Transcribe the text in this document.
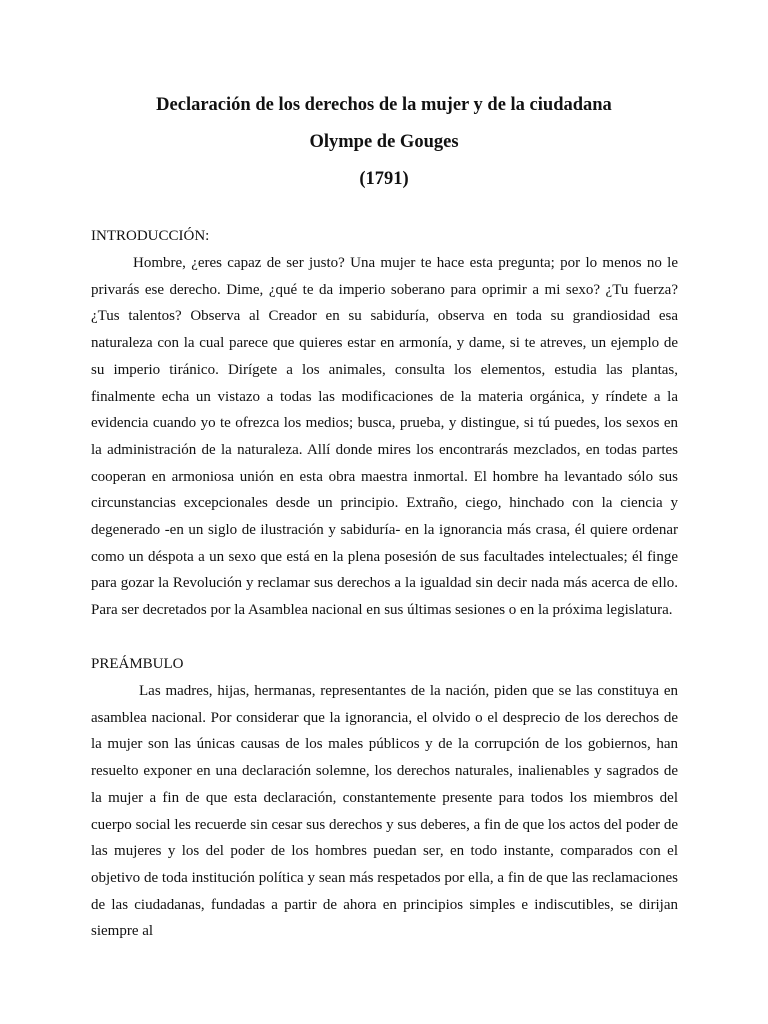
Declaración de los derechos de la mujer y de la ciudadana
Olympe de Gouges
(1791)
INTRODUCCIÓN:

Hombre, ¿eres capaz de ser justo? Una mujer te hace esta pregunta; por lo menos no le privarás ese derecho. Dime, ¿qué te da imperio soberano para oprimir a mi sexo? ¿Tu fuerza? ¿Tus talentos? Observa al Creador en su sabiduría, observa en toda su grandiosidad esa naturaleza con la cual parece que quieres estar en armonía, y dame, si te atreves, un ejemplo de su imperio tiránico. Dirígete a los animales, consulta los elementos, estudia las plantas, finalmente echa un vistazo a todas las modificaciones de la materia orgánica, y ríndete a la evidencia cuando yo te ofrezca los medios; busca, prueba, y distingue, si tú puedes, los sexos en la administración de la naturaleza. Allí donde mires los encontrarás mezclados, en todas partes cooperan en armoniosa unión en esta obra maestra inmortal. El hombre ha levantado sólo sus circunstancias excepcionales desde un principio. Extraño, ciego, hinchado con la ciencia y degenerado -en un siglo de ilustración y sabiduría- en la ignorancia más crasa, él quiere ordenar como un déspota a un sexo que está en la plena posesión de sus facultades intelectuales; él finge para gozar la Revolución y reclamar sus derechos a la igualdad sin decir nada más acerca de ello. Para ser decretados por la Asamblea nacional en sus últimas sesiones o en la próxima legislatura.

PREÁMBULO

Las madres, hijas, hermanas, representantes de la nación, piden que se las constituya en asamblea nacional. Por considerar que la ignorancia, el olvido o el desprecio de los derechos de la mujer son las únicas causas de los males públicos y de la corrupción de los gobiernos, han resuelto exponer en una declaración solemne, los derechos naturales, inalienables y sagrados de la mujer a fin de que esta declaración, constantemente presente para todos los miembros del cuerpo social les recuerde sin cesar sus derechos y sus deberes, a fin de que los actos del poder de las mujeres y los del poder de los hombres puedan ser, en todo instante, comparados con el objetivo de toda institución política y sean más respetados por ella, a fin de que las reclamaciones de las ciudadanas, fundadas a partir de ahora en principios simples e indiscutibles, se dirijan siempre al
